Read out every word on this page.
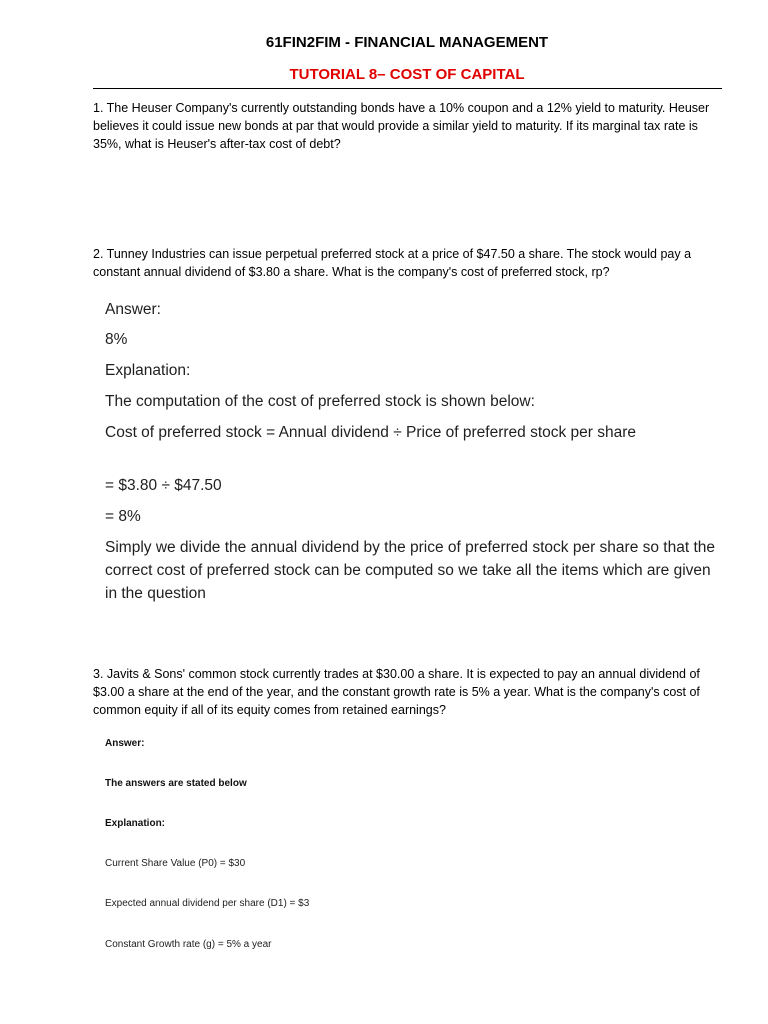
61FIN2FIM - FINANCIAL MANAGEMENT
TUTORIAL 8– COST OF CAPITAL
1. The Heuser Company's currently outstanding bonds have a 10% coupon and a 12% yield to maturity. Heuser believes it could issue new bonds at par that would provide a similar yield to maturity. If its marginal tax rate is 35%, what is Heuser's after-tax cost of debt?
2. Tunney Industries can issue perpetual preferred stock at a price of $47.50 a share. The stock would pay a constant annual dividend of $3.80 a share. What is the company's cost of preferred stock, rp?
Answer:
8%
Explanation:
The computation of the cost of preferred stock is shown below:
Cost of preferred stock = Annual dividend ÷ Price of preferred stock per share
= $3.80 ÷ $47.50
= 8%
Simply we divide the annual dividend by the price of preferred stock per share so that the correct cost of preferred stock can be computed so we take all the items which are given in the question
3. Javits & Sons' common stock currently trades at $30.00 a share. It is expected to pay an annual dividend of $3.00 a share at the end of the year, and the constant growth rate is 5% a year. What is the company's cost of common equity if all of its equity comes from retained earnings?
Answer:
The answers are stated below
Explanation:
Current Share Value (P0) = $30
Expected annual dividend per share (D1) = $3
Constant Growth rate (g) = 5% a year
